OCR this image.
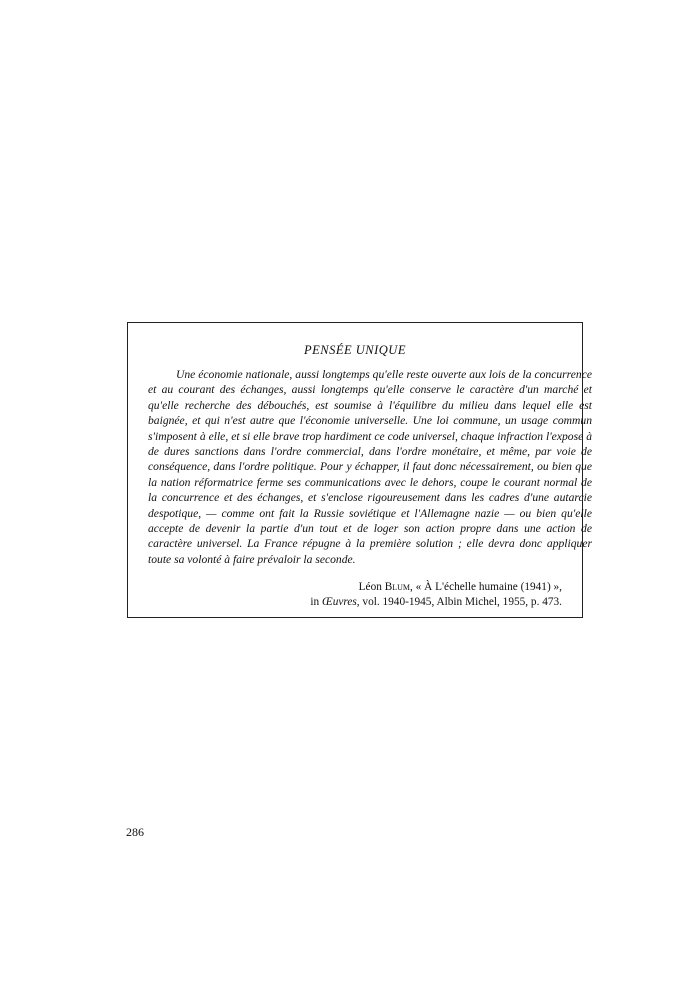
PENSÉE UNIQUE
Une économie nationale, aussi longtemps qu'elle reste ouverte aux lois de la concurrence et au courant des échanges, aussi longtemps qu'elle conserve le caractère d'un marché et qu'elle recherche des débouchés, est soumise à l'équilibre du milieu dans lequel elle est baignée, et qui n'est autre que l'économie universelle. Une loi commune, un usage commun s'imposent à elle, et si elle brave trop hardiment ce code universel, chaque infraction l'expose à de dures sanctions dans l'ordre commercial, dans l'ordre monétaire, et même, par voie de conséquence, dans l'ordre politique. Pour y échapper, il faut donc nécessairement, ou bien que la nation réformatrice ferme ses communications avec le dehors, coupe le courant normal de la concurrence et des échanges, et s'enclose rigoureusement dans les cadres d'une autarcie despotique, — comme ont fait la Russie soviétique et l'Allemagne nazie — ou bien qu'elle accepte de devenir la partie d'un tout et de loger son action propre dans une action de caractère universel. La France répugne à la première solution ; elle devra donc appliquer toute sa volonté à faire prévaloir la seconde.
Léon Blum, « À L'échelle humaine (1941) »,
in Œuvres, vol. 1940-1945, Albin Michel, 1955, p. 473.
286
